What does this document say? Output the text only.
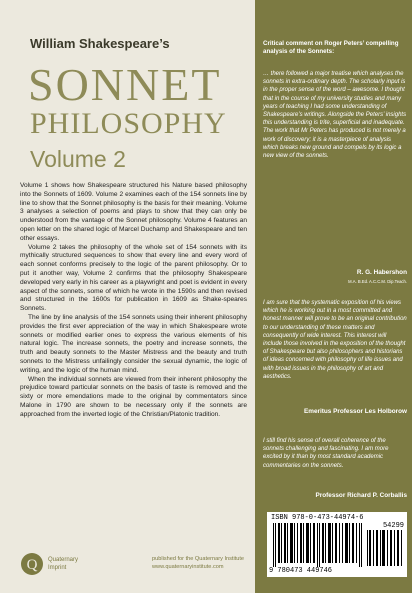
William Shakespeare’s
SONNET
PHILOSOPHY
Volume 2

Volume 1 shows how Shakespeare structured his Nature based philosophy into the Sonnets of 1609. Volume 2 examines each of the 154 sonnets line by line to show that the Sonnet philosophy is the basis for their meaning. Volume 3 analyses a selection of poems and plays to show that they can only be understood from the vantage of the Sonnet philosophy. Volume 4 features an open letter on the shared logic of Marcel Duchamp and Shakespeare and ten other essays.

Volume 2 takes the philosophy of the whole set of 154 sonnets with its mythically structured sequences to show that every line and every word of each sonnet conforms precisely to the logic of the parent philosophy. Or to put it another way, Volume 2 confirms that the philosophy Shakespeare developed very early in his career as a playwright and poet is evident in every aspect of the sonnets, some of which he wrote in the 1590s and then revised and structured in the 1600s for publication in 1609 as Shake-speares Sonnets.

The line by line analysis of the 154 sonnets using their inherent philosophy provides the first ever appreciation of the way in which Shakespeare wrote sonnets or modified earlier ones to express the various elements of his natural logic. The increase sonnets, the poetry and increase sonnets, the truth and beauty sonnets to the Master Mistress and the beauty and truth sonnets to the Mistress unfailingly consider the sexual dynamic, the logic of writing, and the logic of the human mind.

When the individual sonnets are viewed from their inherent philosophy the prejudice toward particular sonnets on the basis of taste is removed and the sixty or more emendations made to the original by commentators since Malone in 1790 are shown to be necessary only if the sonnets are approached from the inverted logic of the Christian/Platonic tradition.

Q Quaternary
Imprint
published for the Quaternary Institute
www.quaternaryinstitute.com
Critical comment on Roger Peters’ compelling analysis of the Sonnets:
… there followed a major treatise which analyses the sonnets in extra-ordinary depth. The scholarly input is in the proper sense of the word – awesome. I thought that in the course of my university studies and many years of teaching I had some understanding of Shakespeare’s writings. Alongside the Peters’ insights this understanding is trite, superficial and inadequate. The work that Mr Peters has produced is not merely a work of discovery; it is a masterpiece of analysis which breaks new ground and compels by its logic a new view of the sonnets.
R. G. Habershon
M.A. B.Ed. A.C.C.M. Dip.Teach.
I am sure that the systematic exposition of his views which he is working out in a most committed and honest manner will prove to be an original contribution to our understanding of these matters and consequently of wide interest. This interest will include those involved in the exposition of the thought of Shakespeare but also philosophers and historians of ideas concerned with philosophy of life issues and with broad issues in the philosophy of art and aesthetics.
Emeritus Professor Les Holborow
I still find his sense of overall coherence of the sonnets challenging and fascinating. I am more excited by it than by most standard academic commentaries on the sonnets.
Professor Richard P. Corballis
ISBN 978-0-473-44974-6
54299
9 780473 449746
